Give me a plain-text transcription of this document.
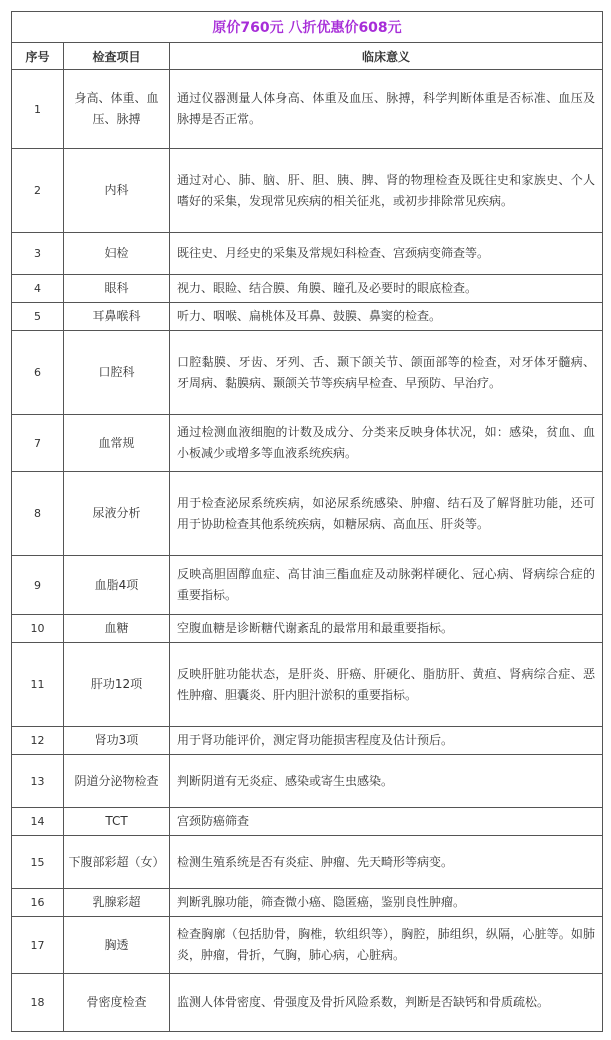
原价760元 八折优惠价608元		
序号	检查项目	临床意义
1	身高、体重、血压、脉搏	通过仪器测量人体身高、体重及血压、脉搏，科学判断体重是否标准、血压及脉搏是否正常。
2	内科	通过对心、肺、脑、肝、胆、胰、脾、肾的物理检查及既往史和家族史、个人嗜好的采集，发现常见疾病的相关征兆，或初步排除常见疾病。
3	妇检	既往史、月经史的采集及常规妇科检查、宫颈病变筛查等。
4	眼科	视力、眼睑、结合膜、角膜、瞳孔及必要时的眼底检查。
5	耳鼻喉科	听力、咽喉、扁桃体及耳鼻、鼓膜、鼻窦的检查。
6	口腔科	口腔黏膜、牙齿、牙列、舌、颞下颌关节、颌面部等的检查，对牙体牙髓病、牙周病、黏膜病、颞颌关节等疾病早检查、早预防、早治疗。
7	血常规	通过检测血液细胞的计数及成分、分类来反映身体状况，如：感染，贫血、血小板减少或增多等血液系统疾病。
8	尿液分析	用于检查泌尿系统疾病，如泌尿系统感染、肿瘤、结石及了解肾脏功能，还可用于协助检查其他系统疾病，如糖尿病、高血压、肝炎等。
9	血脂4项	反映高胆固醇血症、高甘油三酯血症及动脉粥样硬化、冠心病、肾病综合症的重要指标。
10	血糖	空腹血糖是诊断糖代谢紊乱的最常用和最重要指标。
11	肝功12项	反映肝脏功能状态，是肝炎、肝癌、肝硬化、脂肪肝、黄疸、肾病综合症、恶性肿瘤、胆囊炎、肝内胆汁淤积的重要指标。
12	肾功3项	用于肾功能评价，测定肾功能损害程度及估计预后。
13	阴道分泌物检查	判断阴道有无炎症、感染或寄生虫感染。
14	TCT	宫颈防癌筛查
15	下腹部彩超（女）	检测生殖系统是否有炎症、肿瘤、先天畸形等病变。
16	乳腺彩超	判断乳腺功能，筛查微小癌、隐匿癌，鉴别良性肿瘤。
17	胸透	检查胸廓（包括肋骨，胸椎，软组织等），胸腔，肺组织，纵隔，心脏等。如肺炎，肿瘤，骨折，气胸，肺心病，心脏病。
18	骨密度检查	监测人体骨密度、骨强度及骨折风险系数，判断是否缺钙和骨质疏松。
